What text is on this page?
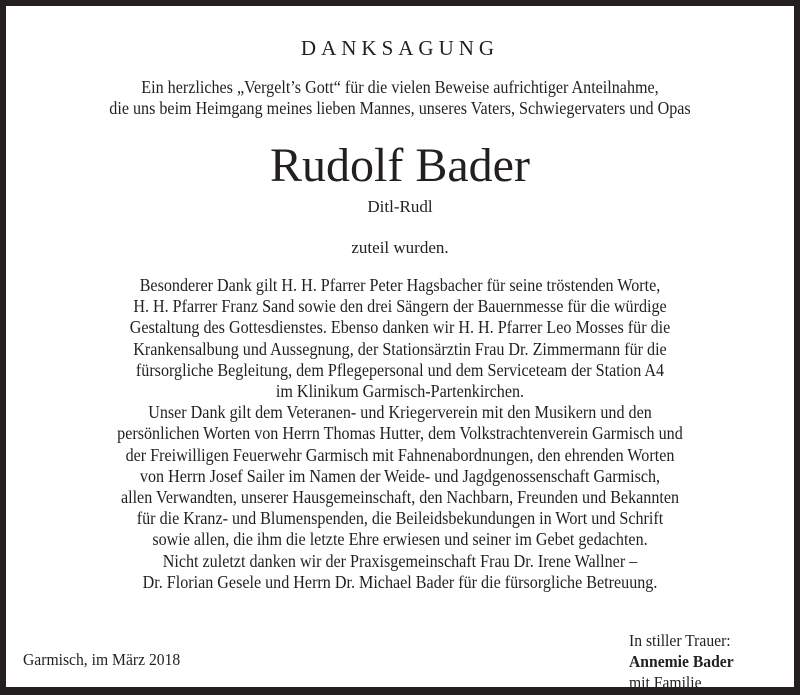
DANKSAGUNG
Ein herzliches „Vergelt’s Gott“ für die vielen Beweise aufrichtiger Anteilnahme,
die uns beim Heimgang meines lieben Mannes, unseres Vaters, Schwiegervaters und Opas
Rudolf Bader
Ditl-Rudl
zuteil wurden.
Besonderer Dank gilt H. H. Pfarrer Peter Hagsbacher für seine tröstenden Worte,
H. H. Pfarrer Franz Sand sowie den drei Sängern der Bauernmesse für die würdige
Gestaltung des Gottesdienstes. Ebenso danken wir H. H. Pfarrer Leo Mosses für die
Krankensalbung und Aussegnung, der Stationsärztin Frau Dr. Zimmermann für die
fürsorgliche Begleitung, dem Pflegepersonal und dem Serviceteam der Station A4
im Klinikum Garmisch-Partenkirchen.
Unser Dank gilt dem Veteranen- und Kriegerverein mit den Musikern und den
persönlichen Worten von Herrn Thomas Hutter, dem Volkstrachtenverein Garmisch und
der Freiwilligen Feuerwehr Garmisch mit Fahnenabordnungen, den ehrenden Worten
von Herrn Josef Sailer im Namen der Weide- und Jagdgenossenschaft Garmisch,
allen Verwandten, unserer Hausgemeinschaft, den Nachbarn, Freunden und Bekannten
für die Kranz- und Blumenspenden, die Beileidsbekundungen in Wort und Schrift
sowie allen, die ihm die letzte Ehre erwiesen und seiner im Gebet gedachten.
Nicht zuletzt danken wir der Praxisgemeinschaft Frau Dr. Irene Wallner –
Dr. Florian Gesele und Herrn Dr. Michael Bader für die fürsorgliche Betreuung.
Garmisch, im März 2018
In stiller Trauer:
Annemie Bader
mit Familie
